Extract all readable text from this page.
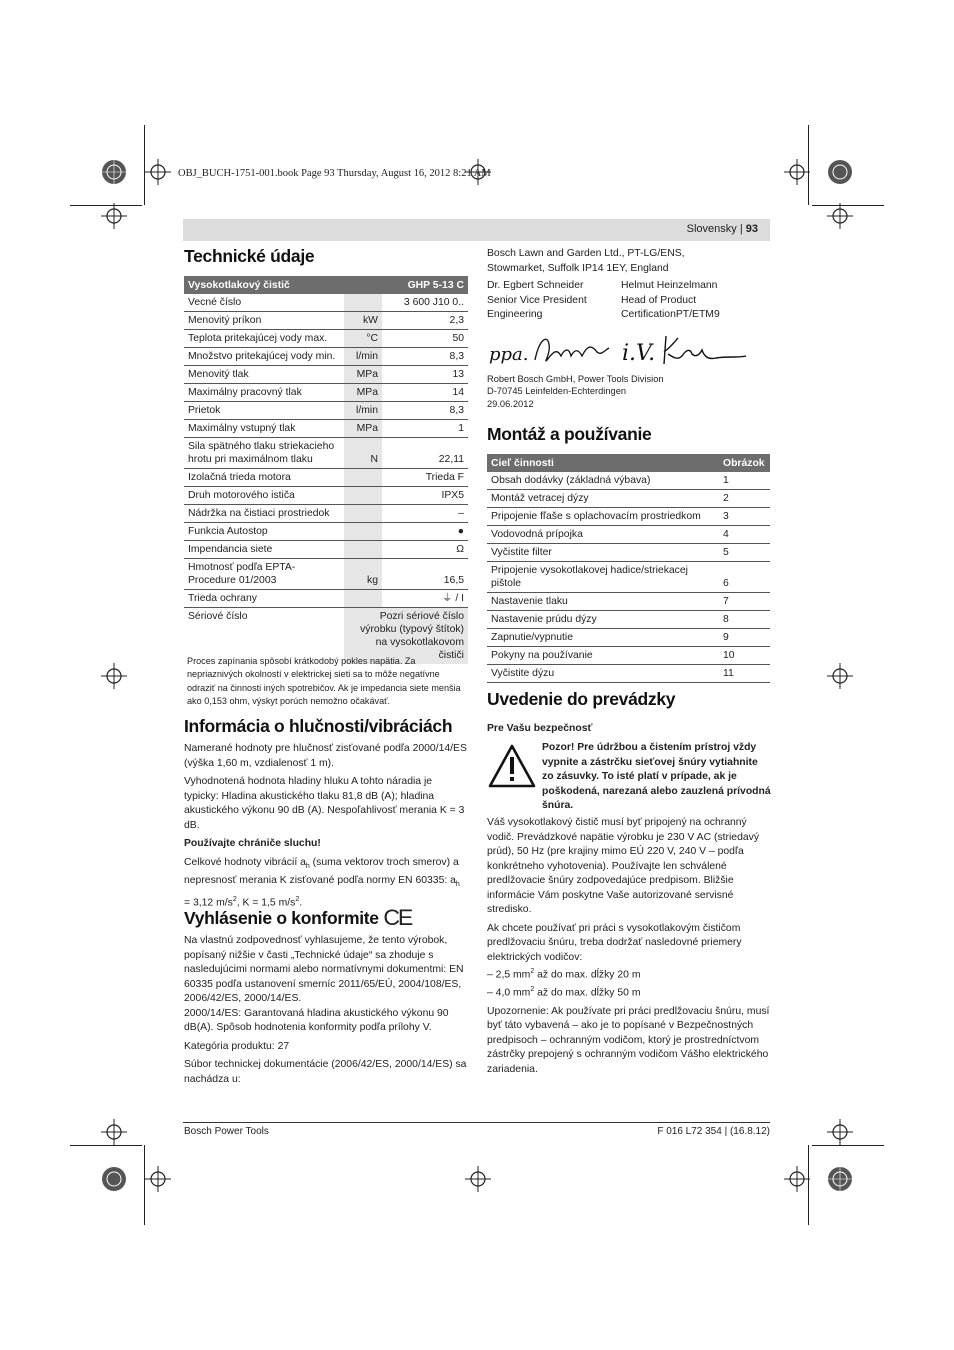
OBJ_BUCH-1751-001.book Page 93 Thursday, August 16, 2012 8:21 AM
Slovensky | 93
Technické údaje
Vysokotlakový čistič		GHP 5-13 C
Vecné číslo		3 600 J10 0..
Menovitý príkon	kW	2,3
Teplota pritekajúcej vody max.	°C	50
Množstvo pritekajúcej vody min.	l/min	8,3
Menovitý tlak	MPa	13
Maximálny pracovný tlak	MPa	14
Prietok	l/min	8,3
Maximálny vstupný tlak	MPa	1
Sila spätného tlaku striekacieho hrotu pri maximálnom tlaku	N	22,11
Izolačná trieda motora		Trieda F
Druh motorového ističa		IPX5
Nádržka na čistiaci prostriedok		–
Funkcia Autostop		●
Impendancia siete		Ω
Hmotnosť podľa EPTA-Procedure 01/2003	kg	16,5
Trieda ochrany		⏚ / I
Sériové číslo	Pozri sériové číslo výrobku (typový štítok) na vysokotlakovom čističi	
Proces zapínania spôsobí krátkodobý pokles napätia. Za nepriaznivých okolností v elektrickej sieti sa to môže negatívne odraziť na činnosti iných spotrebičov. Ak je impedancia siete menšia ako 0,153 ohm, výskyt porúch nemožno očakávať.
Informácia o hlučnosti/vibráciách

Namerané hodnoty pre hlučnosť zisťované podľa 2000/14/ES (výška 1,60 m, vzdialenosť 1 m).

Vyhodnotená hodnota hladiny hluku A tohto náradia je typicky: Hladina akustického tlaku 81,8 dB (A); hladina akustického výkonu 90 dB (A). Nespoľahlivosť merania K = 3 dB.

Používajte chrániče sluchu!

Celkové hodnoty vibrácií $a_h$ (suma vektorov troch smerov) a nepresnosť merania K zisťované podľa normy EN 60335: $a_h = 3,12$ $m/s^2$, K = 1,5 $m/s^2$.

Vyhlásenie o konformite CE

Na vlastnú zodpovednosť vyhlasujeme, že tento výrobok, popísaný nižšie v časti „Technické údaje“ sa zhoduje s nasledujúcimi normami alebo normatívnymi dokumentmi: EN 60335 podľa ustanovení smerníc 2011/65/EÚ, 2004/108/ES, 2006/42/ES, 2000/14/ES.

2000/14/ES: Garantovaná hladina akustického výkonu 90 dB(A). Spôsob hodnotenia konformity podľa prílohy V.

Kategória produktu: 27

Súbor technickej dokumentácie (2006/42/ES, 2000/14/ES) sa nachádza u:

Bosch Lawn and Garden Ltd., PT-LG/ENS,
Stowmarket, Suffolk IP14 1EY, England
Dr. Egbert Schneider
Senior Vice President
Engineering
Helmut Heinzelmann
Head of Product
CertificationPT/ETM9
ppa.	i.V.
Robert Bosch GmbH, Power Tools Division
D-70745 Leinfelden-Echterdingen
29.06.2012
Montáž a používanie
Cieľ činnosti	Obrázok
Obsah dodávky (základná výbava)	1
Montáž vetracej dýzy	2
Pripojenie fľaše s oplachovacím prostriedkom	3
Vodovodná prípojka	4
Vyčistite filter	5
Pripojenie vysokotlakovej hadice/striekacej pištole	6
Nastavenie tlaku	7
Nastavenie prúdu dýzy	8
Zapnutie/vypnutie	9
Pokyny na používanie	10
Vyčistite dýzu	11
Uvedenie do prevádzky
Pre Vašu bezpečnosť
Pozor! Pre údržbou a čistením prístroj vždy vypnite a zástrčku sieťovej šnúry vytiahnite zo zásuvky. To isté platí v prípade, ak je poškodená, narezaná alebo zauzlená prívodná šnúra.

Váš vysokotlakový čistič musí byť pripojený na ochranný vodič. Prevádzkové napätie výrobku je 230 V AC (striedavý prúd), 50 Hz (pre krajiny mimo EÚ 220 V, 240 V – podľa konkrétneho vyhotovenia). Používajte len schválené predlžovacie šnúry zodpovedajúce predpisom. Bližšie informácie Vám poskytne Vaše autorizované servisné stredisko.

Ak chcete používať pri práci s vysokotlakovým čističom predlžovaciu šnúru, treba dodržať nasledovné priemery elektrických vodičov:

– 2,5 $mm^2$ až do max. dĺžky 20 m
– 4,0 $mm^2$ až do max. dĺžky 50 m

Upozornenie: Ak používate pri práci predlžovaciu šnúru, musí byť táto vybavená – ako je to popísané v Bezpečnostných predpisoch – ochranným vodičom, ktorý je prostredníctvom zástrčky prepojený s ochranným vodičom Vášho elektrického zariadenia.

Bosch Power Tools	F 016 L72 354 | (16.8.12)
